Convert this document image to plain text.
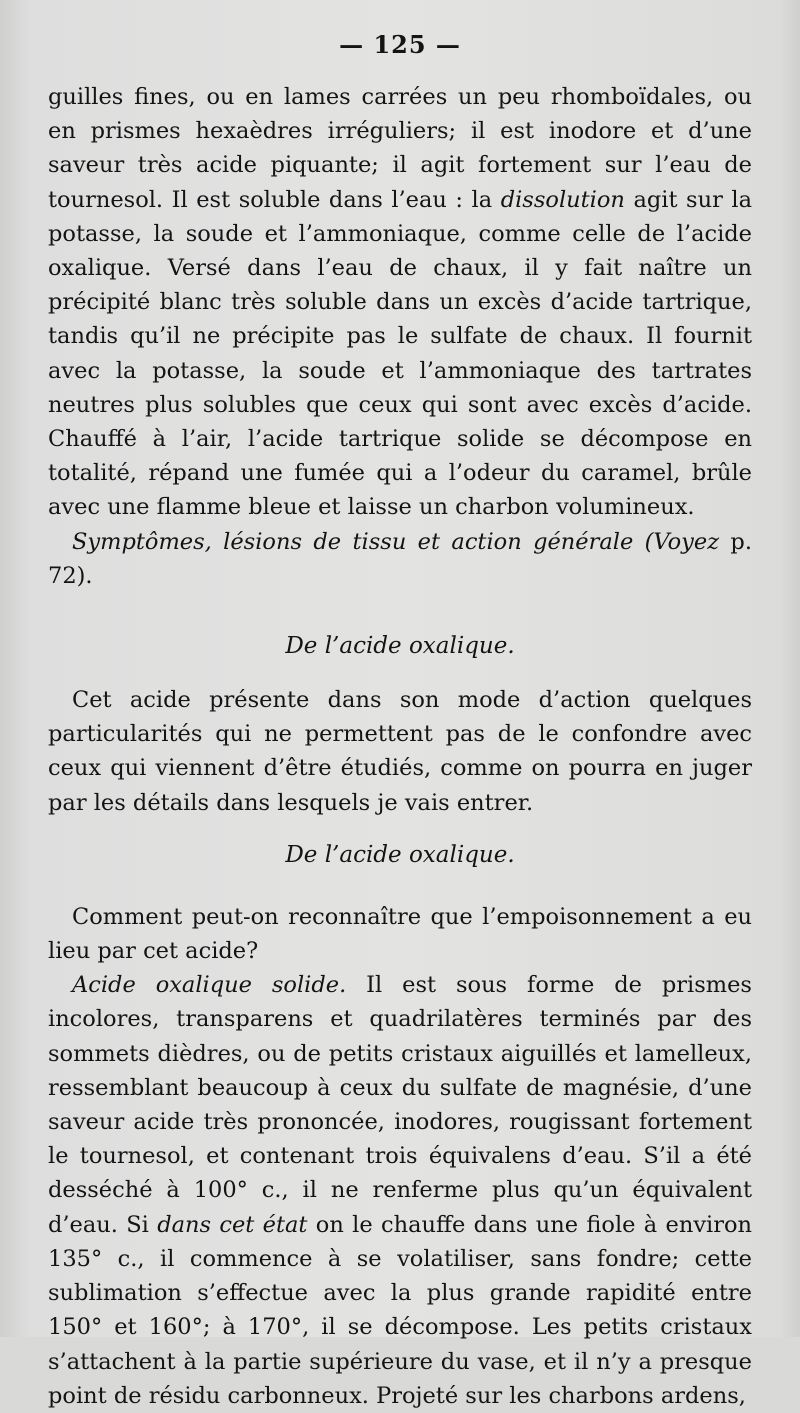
— 125 —

guilles fines, ou en lames carrées un peu rhomboïdales, ou en prismes hexaèdres irréguliers; il est inodore et d’une saveur très acide piquante; il agit fortement sur l’eau de tournesol. Il est soluble dans l’eau : la dissolution agit sur la potasse, la soude et l’ammoniaque, comme celle de l’acide oxalique. Versé dans l’eau de chaux, il y fait naître un précipité blanc très soluble dans un excès d’acide tartrique, tandis qu’il ne précipite pas le sulfate de chaux. Il fournit avec la potasse, la soude et l’ammoniaque des tartrates neutres plus solubles que ceux qui sont avec excès d’acide. Chauffé à l’air, l’acide tartrique solide se décompose en totalité, répand une fumée qui a l’odeur du caramel, brûle avec une flamme bleue et laisse un charbon volumineux.

Symptômes, lésions de tissu et action générale (Voyez p. 72).

De l’acide oxalique.

Cet acide présente dans son mode d’action quelques particularités qui ne permettent pas de le confondre avec ceux qui viennent d’être étudiés, comme on pourra en juger par les détails dans lesquels je vais entrer.

De l’acide oxalique.

Comment peut-on reconnaître que l’empoisonnement a eu lieu par cet acide?

Acide oxalique solide. Il est sous forme de prismes incolores, transparens et quadrilatères terminés par des sommets dièdres, ou de petits cristaux aiguillés et lamelleux, ressemblant beaucoup à ceux du sulfate de magnésie, d’une saveur acide très prononcée, inodores, rougissant fortement le tournesol, et contenant trois équivalens d’eau. S’il a été desséché à 100° c., il ne renferme plus qu’un équivalent d’eau. Si dans cet état on le chauffe dans une fiole à environ 135° c., il commence à se volatiliser, sans fondre; cette sublimation s’effectue avec la plus grande rapidité entre 150° et 160°; à 170°, il se décompose. Les petits cristaux s’attachent à la partie supérieure du vase, et il n’y a presque point de résidu carbonneux. Projeté sur les charbons ardens,
